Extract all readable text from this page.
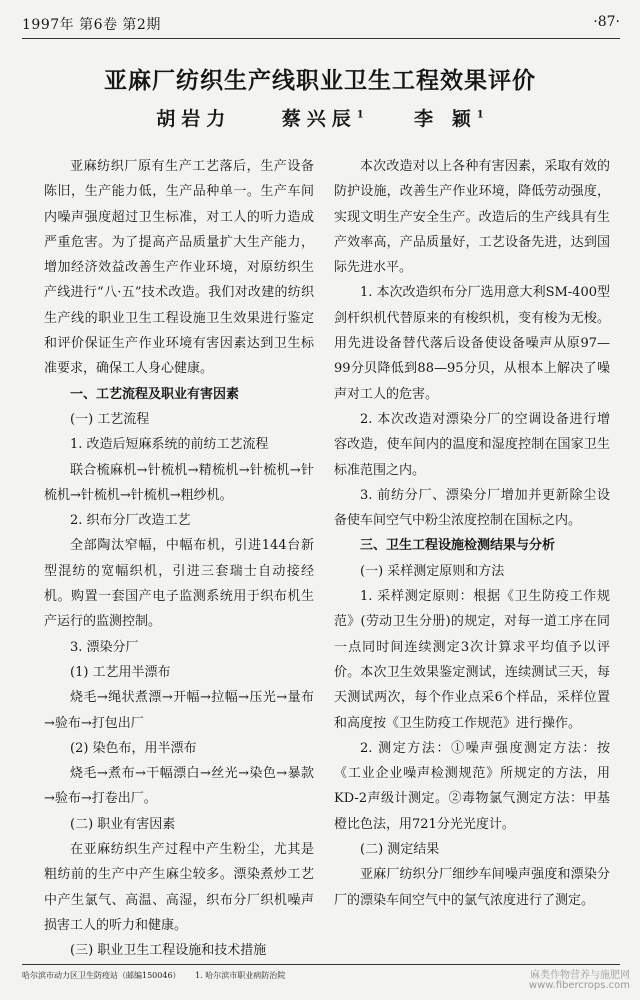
1997年 第6卷 第2期	·87·
亚麻厂纺织生产线职业卫生工程效果评价
胡岩力	蔡兴辰$^1$	李 颖$^1$

亚麻纺织厂原有生产工艺落后，生产设备陈旧，生产能力低，生产品种单一。生产车间内噪声强度超过卫生标准，对工人的听力造成严重危害。为了提高产品质量扩大生产能力，增加经济效益改善生产作业环境，对原纺织生产线进行“八·五”技术改造。我们对改建的纺织生产线的职业卫生工程设施卫生效果进行鉴定和评价保证生产作业环境有害因素达到卫生标准要求，确保工人身心健康。

一、工艺流程及职业有害因素

(一) 工艺流程

1. 改造后短麻系统的前纺工艺流程

联合梳麻机→针梳机→精梳机→针梳机→针梳机→针梳机→针梳机→粗纱机。

2. 织布分厂改造工艺

全部陶汰窄幅，中幅布机，引进144台新型混纺的宽幅织机，引进三套瑞士自动接经机。购置一套国产电子监测系统用于织布机生产运行的监测控制。

3. 漂染分厂

(1) 工艺用半漂布

烧毛→绳状煮漂→开幅→拉幅→压光→量布→验布→打包出厂

(2) 染色布，用半漂布

烧毛→煮布→干幅漂白→丝光→染色→暴款→验布→打卷出厂。

(二) 职业有害因素

在亚麻纺织生产过程中产生粉尘，尤其是粗纺前的生产中产生麻尘较多。漂染煮炒工艺中产生氯气、高温、高湿，织布分厂织机噪声损害工人的听力和健康。

(三) 职业卫生工程设施和技术措施

本次改造对以上各种有害因素，采取有效的防护设施，改善生产作业环境，降低劳动强度，实现文明生产安全生产。改造后的生产线具有生产效率高，产品质量好，工艺设备先进，达到国际先进水平。

1. 本次改造织布分厂选用意大利SM-400型剑杆织机代替原来的有梭织机，变有梭为无梭。用先进设备替代落后设备使设备噪声从原97—99分贝降低到88—95分贝，从根本上解决了噪声对工人的危害。

2. 本次改造对漂染分厂的空调设备进行增容改造，使车间内的温度和湿度控制在国家卫生标准范围之内。

3. 前纺分厂、漂染分厂增加并更新除尘设备使车间空气中粉尘浓度控制在国标之内。

三、卫生工程设施检测结果与分析

(一) 采样测定原则和方法

1. 采样测定原则：根据《卫生防疫工作规范》(劳动卫生分册)的规定，对每一道工序在同一点同时间连续测定3次计算求平均值予以评价。本次卫生效果鉴定测试，连续测试三天，每天测试两次，每个作业点采6个样品，采样位置和高度按《卫生防疫工作规范》进行操作。

2. 测定方法：①噪声强度测定方法：按《工业企业噪声检测规范》所规定的方法，用KD-2声级计测定。②毒物氯气测定方法：甲基橙比色法，用721分光光度计。

(二) 测定结果

亚麻厂纺织分厂细纱车间噪声强度和漂染分厂的漂染车间空气中的氯气浓度进行了测定。

哈尔滨市动力区卫生防疫站（邮编150046） 1. 哈尔滨市职业病防治院	麻类作物营养与施肥网
www.fibercrops.com
